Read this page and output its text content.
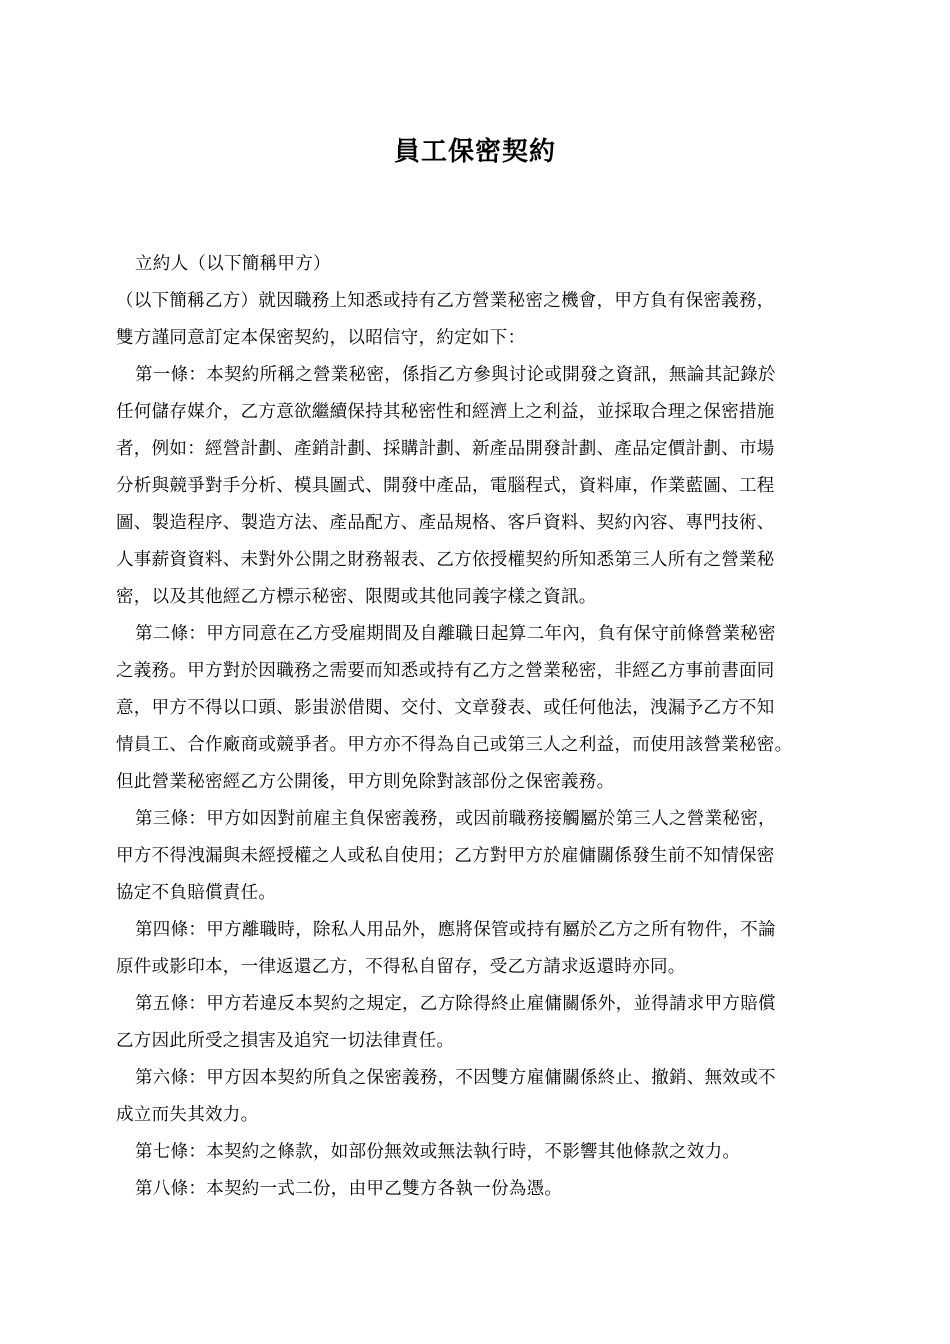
員工保密契約
立約人（以下簡稱甲方）
（以下簡稱乙方）就因職務上知悉或持有乙方營業秘密之機會，甲方負有保密義務，
雙方謹同意訂定本保密契約，以昭信守，約定如下：
第一條：本契約所稱之營業秘密，係指乙方參與讨论或開發之資訊，無論其記錄於
任何儲存媒介，乙方意欲繼續保持其秘密性和經濟上之利益，並採取合理之保密措施
者，例如：經營計劃、產銷計劃、採購計劃、新產品開發計劃、產品定價計劃、市場
分析與競爭對手分析、模具圖式、開發中產品，電腦程式，資料庫，作業藍圖、工程
圖、製造程序、製造方法、產品配方、產品規格、客戶資料、契約內容、專門技術、
人事薪資資料、未對外公開之財務報表、乙方依授權契約所知悉第三人所有之營業秘
密，以及其他經乙方標示秘密、限閱或其他同義字樣之資訊。
第二條：甲方同意在乙方受雇期間及自離職日起算二年內，負有保守前條營業秘密
之義務。甲方對於因職務之需要而知悉或持有乙方之營業秘密，非經乙方事前書面同
意，甲方不得以口頭、影蚩淤借閱、交付、文章發表、或任何他法，洩漏予乙方不知
情員工、合作廠商或競爭者。甲方亦不得為自己或第三人之利益，而使用該營業秘密。
但此營業秘密經乙方公開後，甲方則免除對該部份之保密義務。
第三條：甲方如因對前雇主負保密義務，或因前職務接觸屬於第三人之營業秘密，
甲方不得洩漏與未經授權之人或私自使用；乙方對甲方於雇傭關係發生前不知情保密
協定不負賠償責任。
第四條：甲方離職時，除私人用品外，應將保管或持有屬於乙方之所有物件，不論
原件或影印本，一律返還乙方，不得私自留存，受乙方請求返還時亦同。
第五條：甲方若違反本契約之規定，乙方除得終止雇傭關係外，並得請求甲方賠償
乙方因此所受之損害及追究一切法律責任。
第六條：甲方因本契約所負之保密義務，不因雙方雇傭關係終止、撤銷、無效或不
成立而失其效力。
第七條：本契約之條款，如部份無效或無法執行時，不影響其他條款之效力。
第八條：本契約一式二份，由甲乙雙方各執一份為憑。
